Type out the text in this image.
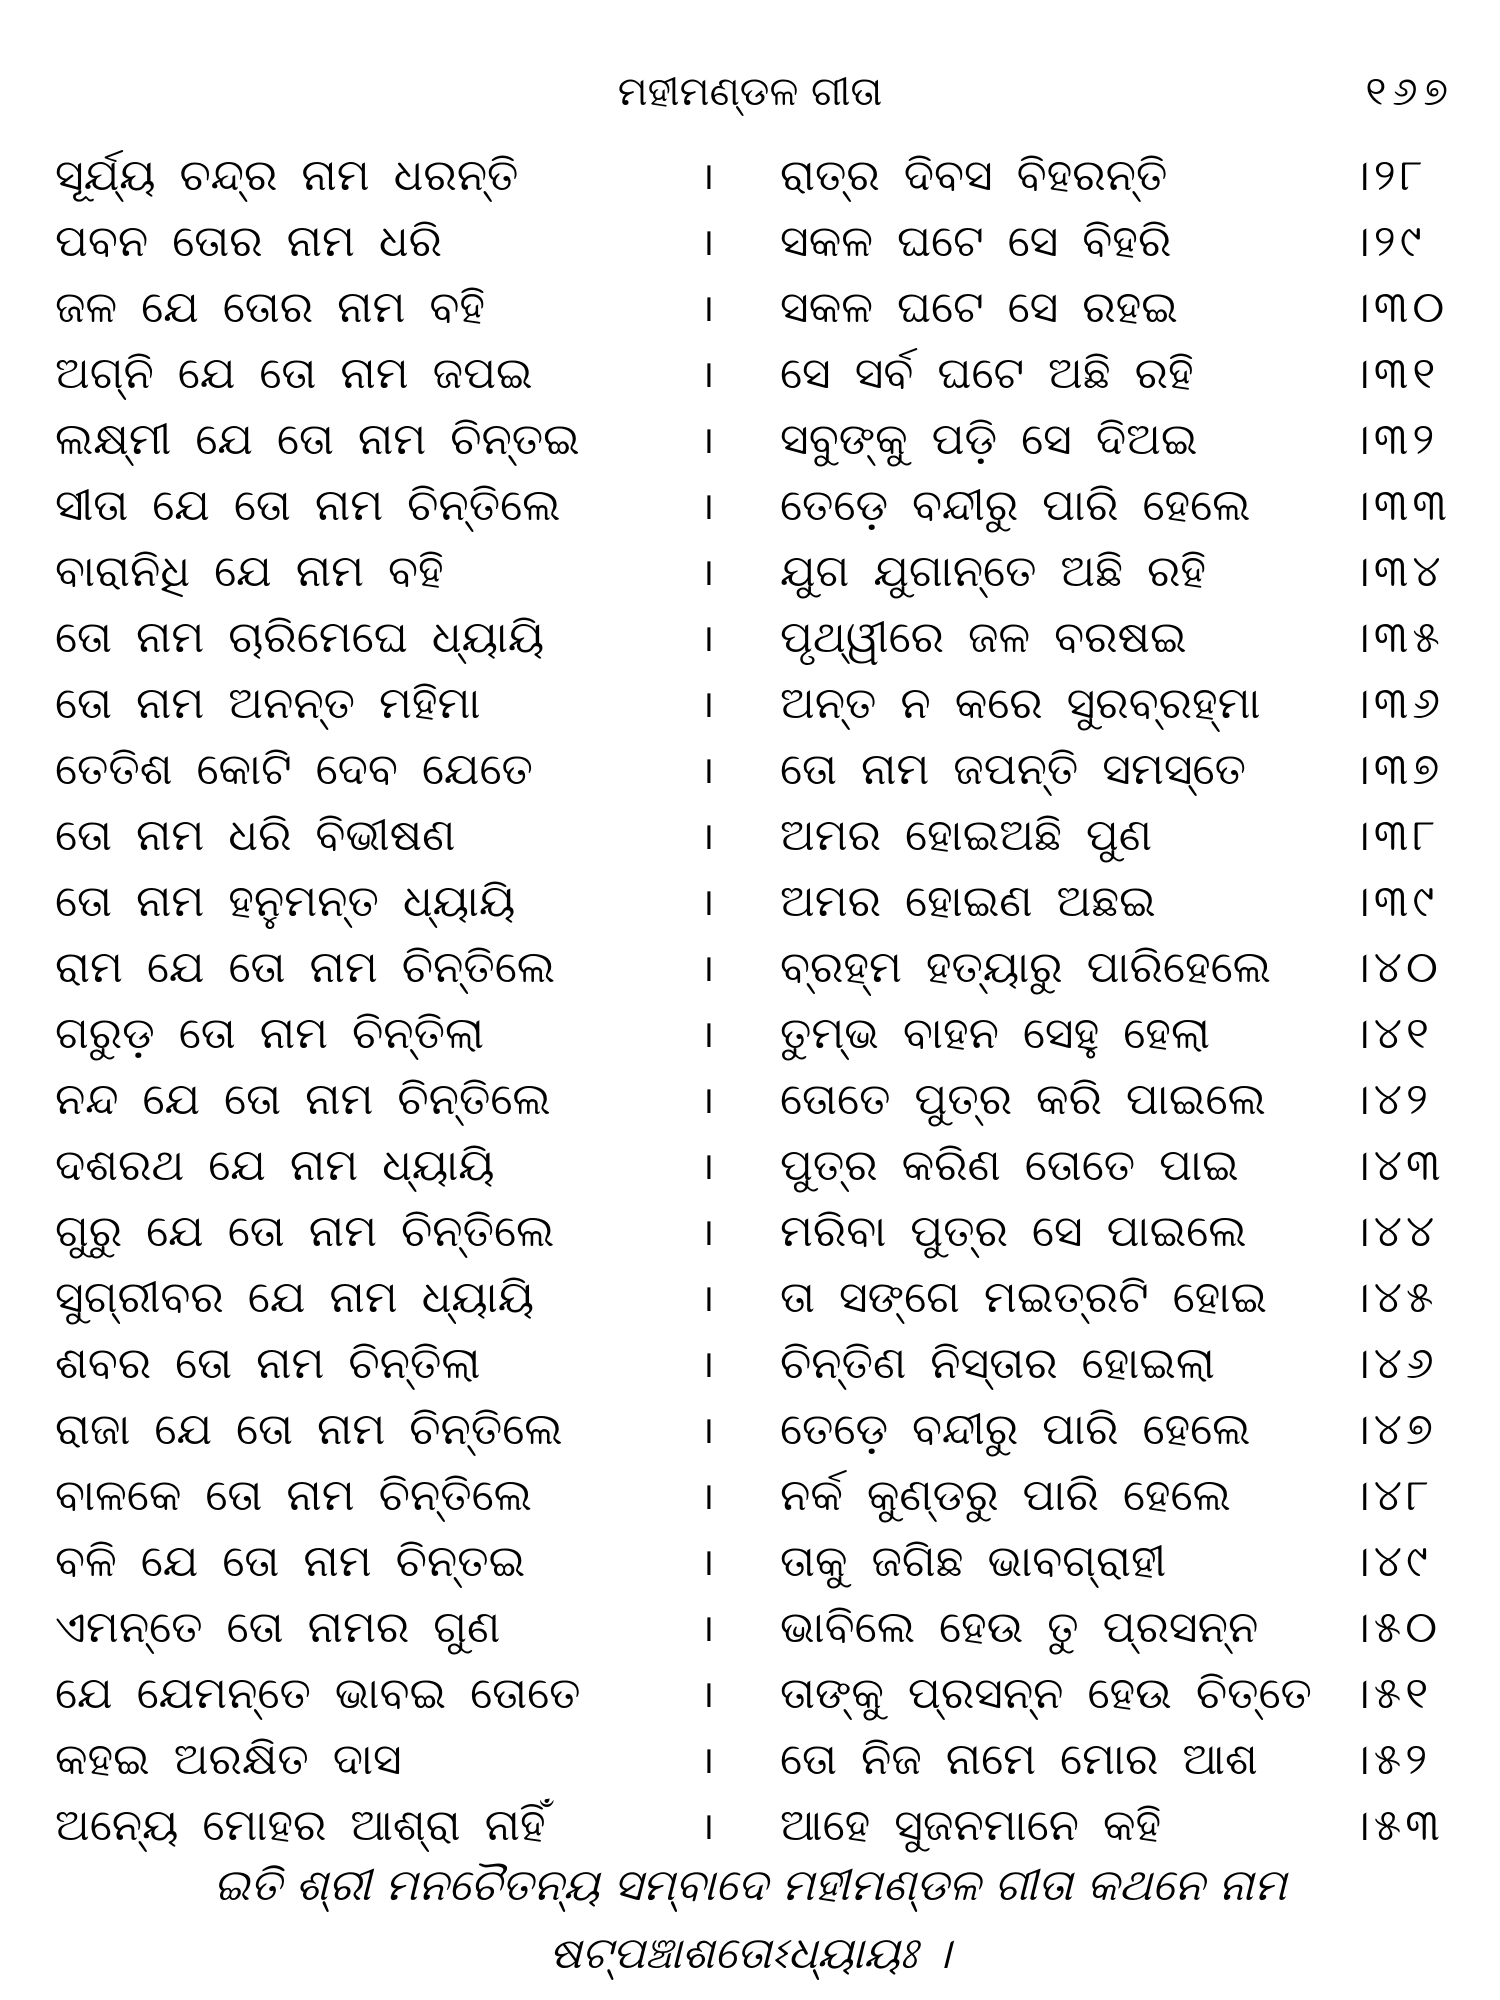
ମହୀମଣ୍ଡଳ ଗୀତା	୧୬୭
ସୂର୍ଯ୍ୟ ଚନ୍ଦ୍ର ନାମ ଧରନ୍ତି	। ରାତ୍ର ଦିବସ ବିହରନ୍ତି	।୨୮
ପବନ ତୋର ନାମ ଧରି	। ସକଳ ଘଟେ ସେ ବିହରି	।୨୯
ଜଳ ଯେ ତୋର ନାମ ବହି	। ସକଳ ଘଟେ ସେ ରହଇ	।୩୦
ଅଗ୍ନି ଯେ ତୋ ନାମ ଜପଇ	। ସେ ସର୍ବ ଘଟେ ଅଛି ରହି	।୩୧
ଲକ୍ଷ୍ମୀ ଯେ ତୋ ନାମ ଚିନ୍ତଇ	। ସବୁଙ୍କୁ ପଡ଼ି ସେ ଦିଅଇ	।୩୨
ସୀତା ଯେ ତୋ ନାମ ଚିନ୍ତିଲେ	। ତେଡ଼େ ବନ୍ଦୀରୁ ପାରି ହେଲେ ।୩୩
ବାରାନିଧି ଯେ ନାମ ବହି	। ଯୁଗ ଯୁଗାନ୍ତେ ଅଛି ରହି	।୩୪
ତୋ ନାମ ଚାରିମେଘେ ଧ୍ୟାୟି	। ପୃଥ୍ୱୀରେ ଜଳ ବରଷଇ	।୩୫
ତୋ ନାମ ଅନନ୍ତ ମହିମା	। ଅନ୍ତ ନ କରେ ସୁରବ୍ରହ୍ମା ।୩୬
ତେତିଶ କୋଟି ଦେବ ଯେତେ	। ତୋ ନାମ ଜପନ୍ତି ସମସ୍ତେ ।୩୭
ତୋ ନାମ ଧରି ବିଭୀଷଣ	। ଅମର ହୋଇଅଛି ପୁଣ	।୩୮
ତୋ ନାମ ହନୁମନ୍ତ ଧ୍ୟାୟି	। ଅମର ହୋଇଣ ଅଛଇ	।୩୯
ରାମ ଯେ ତୋ ନାମ ଚିନ୍ତିଲେ	। ବ୍ରହ୍ମ ହତ୍ୟାରୁ ପାରିହେଲେ ।୪୦
ଗରୁଡ଼ ତୋ ନାମ ଚିନ୍ତିଲା	। ତୁମ୍ଭ ବାହନ ସେହୁ ହେଲା	।୪୧
ନନ୍ଦ ଯେ ତୋ ନାମ ଚିନ୍ତିଲେ	। ତୋତେ ପୁତ୍ର କରି ପାଇଲେ ।୪୨
ଦଶରଥ ଯେ ନାମ ଧ୍ୟାୟି	। ପୁତ୍ର କରିଣ ତୋତେ ପାଇ	।୪୩
ଗୁରୁ ଯେ ତୋ ନାମ ଚିନ୍ତିଲେ	। ମରିବା ପୁତ୍ର ସେ ପାଇଲେ ।୪୪
ସୁଗ୍ରୀବର ଯେ ନାମ ଧ୍ୟାୟି	। ତା ସଙ୍ଗେ ମଇତ୍ରଟି ହୋଇ ।୪୫
ଶବର ତୋ ନାମ ଚିନ୍ତିଲା	। ଚିନ୍ତିଣ ନିସ୍ତାର ହୋଇଲା	।୪୬
ରାଜା ଯେ ତୋ ନାମ ଚିନ୍ତିଲେ	। ତେଡ଼େ ବନ୍ଦୀରୁ ପାରି ହେଲେ ।୪୭
ବାଳକେ ତୋ ନାମ ଚିନ୍ତିଲେ	। ନର୍କ କୁଣ୍ଡରୁ ପାରି ହେଲେ	।୪୮
ବଳି ଯେ ତୋ ନାମ ଚିନ୍ତଇ	। ତାକୁ ଜଗିଛ ଭାବଗ୍ରାହୀ	।୪୯
ଏମନ୍ତେ ତୋ ନାମର ଗୁଣ	। ଭାବିଲେ ହେଉ ତୁ ପ୍ରସନ୍ନ ।୫୦
ଯେ ଯେମନ୍ତେ ଭାବଇ ତୋତେ	। ତାଙ୍କୁ ପ୍ରସନ୍ନ ହେଉ ଚିତ୍ତେ ।୫୧
କହଇ ଅରକ୍ଷିତ ଦାସ	। ତୋ ନିଜ ନାମେ ମୋର ଆଶ ।୫୨
ଅନ୍ୟେ ମୋହର ଆଶ୍ରା ନାହିଁ	। ଆହେ ସୁଜନମାନେ କହି	।୫୩
ଇତି ଶ୍ରୀ ମନଚୈତନ୍ୟ ସମ୍ବାଦେ ମହୀମଣ୍ଡଳ ଗୀତା କଥନେ ନାମ
ଷଟ୍‌ପଞ୍ଚାଶତୋଽଧ୍ୟାୟଃ ।
